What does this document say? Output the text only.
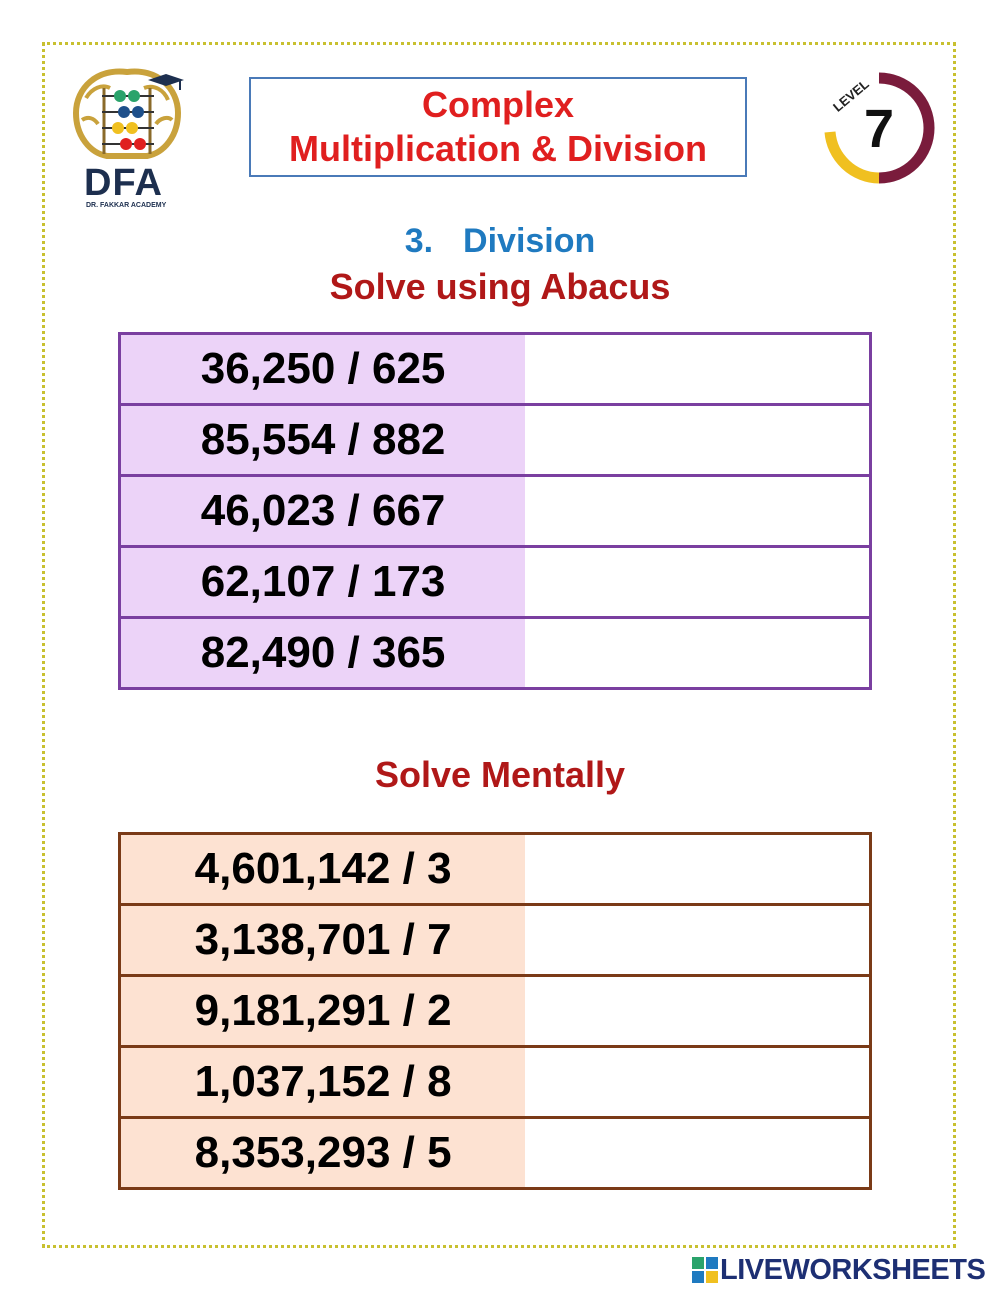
DFA
DR. FAKKAR ACADEMY
Complex
Multiplication & Division
LEVEL
7
3. Division
Solve using Abacus
36,250 / 625	
85,554 / 882	
46,023 / 667	
62,107 / 173	
82,490 / 365	
Solve Mentally
4,601,142 / 3	
3,138,701 / 7	
9,181,291 / 2	
1,037,152 / 8	
8,353,293 / 5	
LIVEWORKSHEETS
